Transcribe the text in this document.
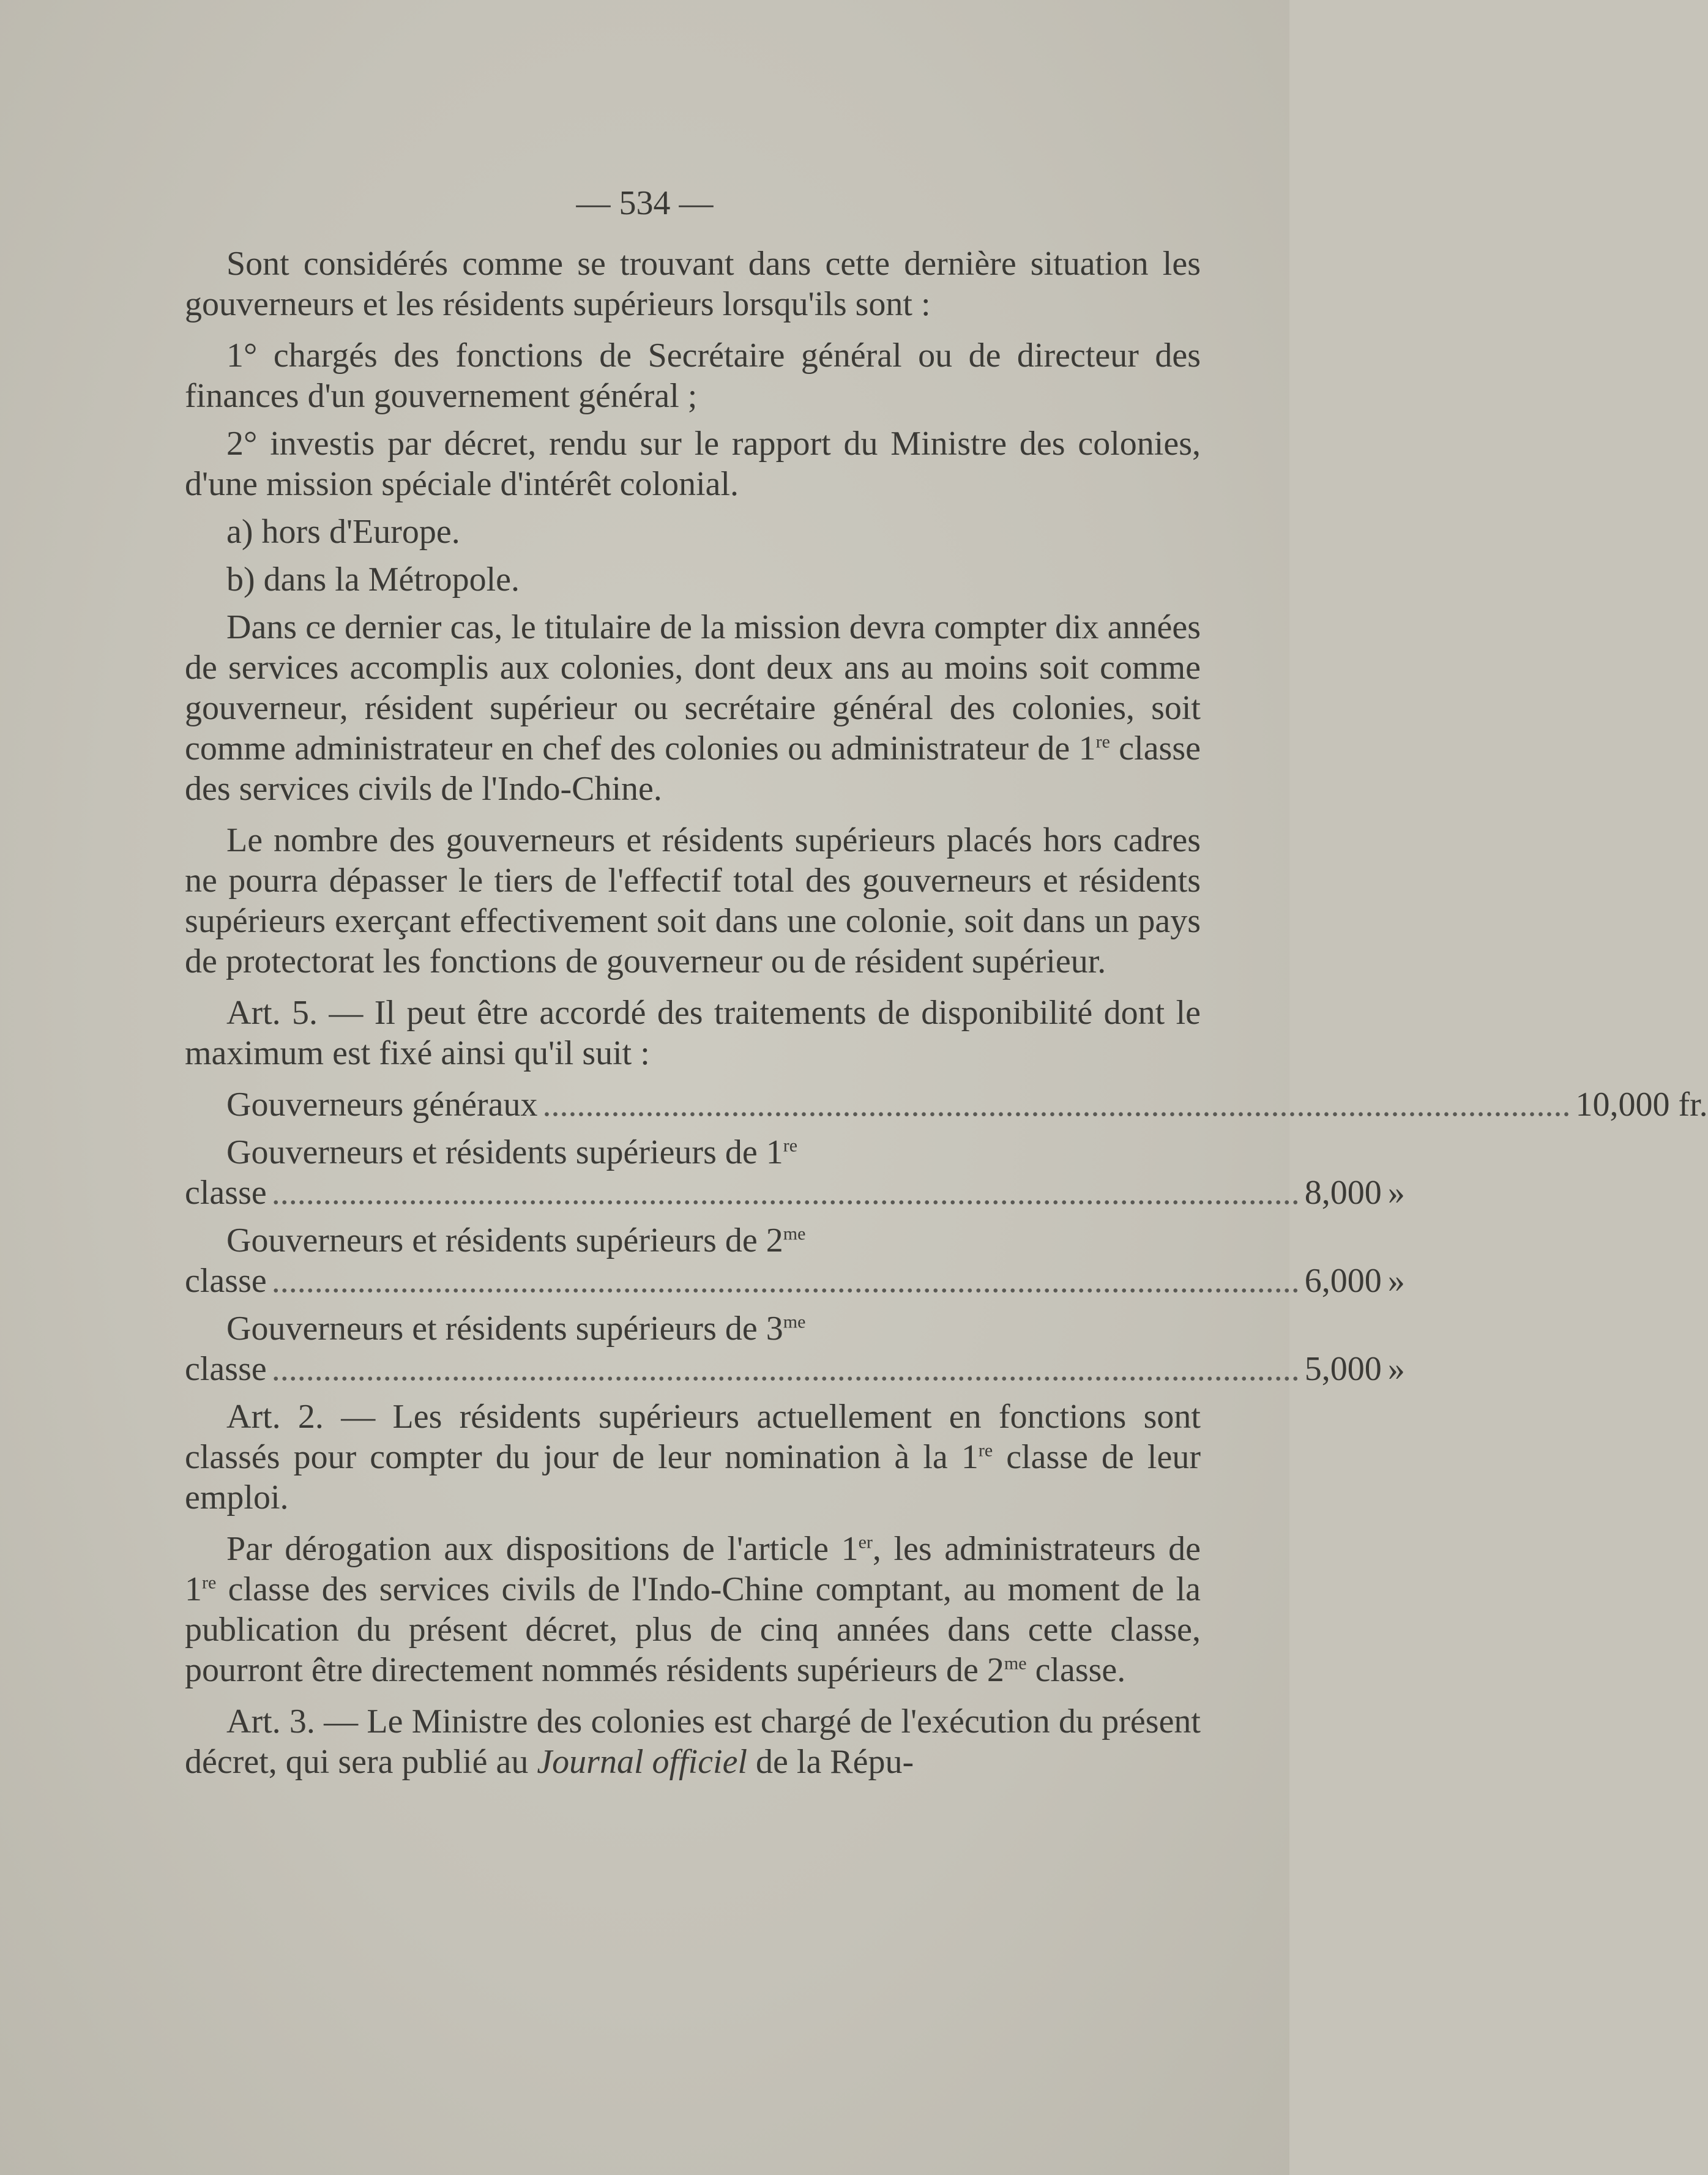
— 534 —

Sont considérés comme se trouvant dans cette dernière situation les gouverneurs et les résidents supérieurs lorsqu'ils sont :

1° chargés des fonctions de Secrétaire général ou de directeur des finances d'un gouvernement général ;

2° investis par décret, rendu sur le rapport du Ministre des colonies, d'une mission spéciale d'intérêt colonial.

a) hors d'Europe.

b) dans la Métropole.

Dans ce dernier cas, le titulaire de la mission devra compter dix années de services accomplis aux colonies, dont deux ans au moins soit comme gouverneur, résident supérieur ou secrétaire général des colonies, soit comme administrateur en chef des colonies ou administrateur de 1re classe des services civils de l'Indo-Chine.

Le nombre des gouverneurs et résidents supérieurs placés hors cadres ne pourra dépasser le tiers de l'effectif total des gouverneurs et résidents supérieurs exerçant effectivement soit dans une colonie, soit dans un pays de protectorat les fonctions de gouverneur ou de résident supérieur.

Art. 5. — Il peut être accordé des traitements de disponibilité dont le maximum est fixé ainsi qu'il suit :

Gouverneurs généraux ........................................................................................................................ 10,000 fr.
Gouverneurs et résidents supérieurs de 1re
classe ........................................................................................................................ 8,000 »
Gouverneurs et résidents supérieurs de $2^{me}$
classe ........................................................................................................................ 6,000 »
Gouverneurs et résidents supérieurs de $3^{me}$
classe ........................................................................................................................ 5,000 »

Art. 2. — Les résidents supérieurs actuellement en fonctions sont classés pour compter du jour de leur nomination à la 1re classe de leur emploi.

Par dérogation aux dispositions de l'article 1er, les administrateurs de 1re classe des services civils de l'Indo-Chine comptant, au moment de la publication du présent décret, plus de cinq années dans cette classe, pourront être directement nommés résidents supérieurs de $2^{me}$ classe.

Art. 3. — Le Ministre des colonies est chargé de l'exécution du présent décret, qui sera publié au Journal officiel de la Répu-
